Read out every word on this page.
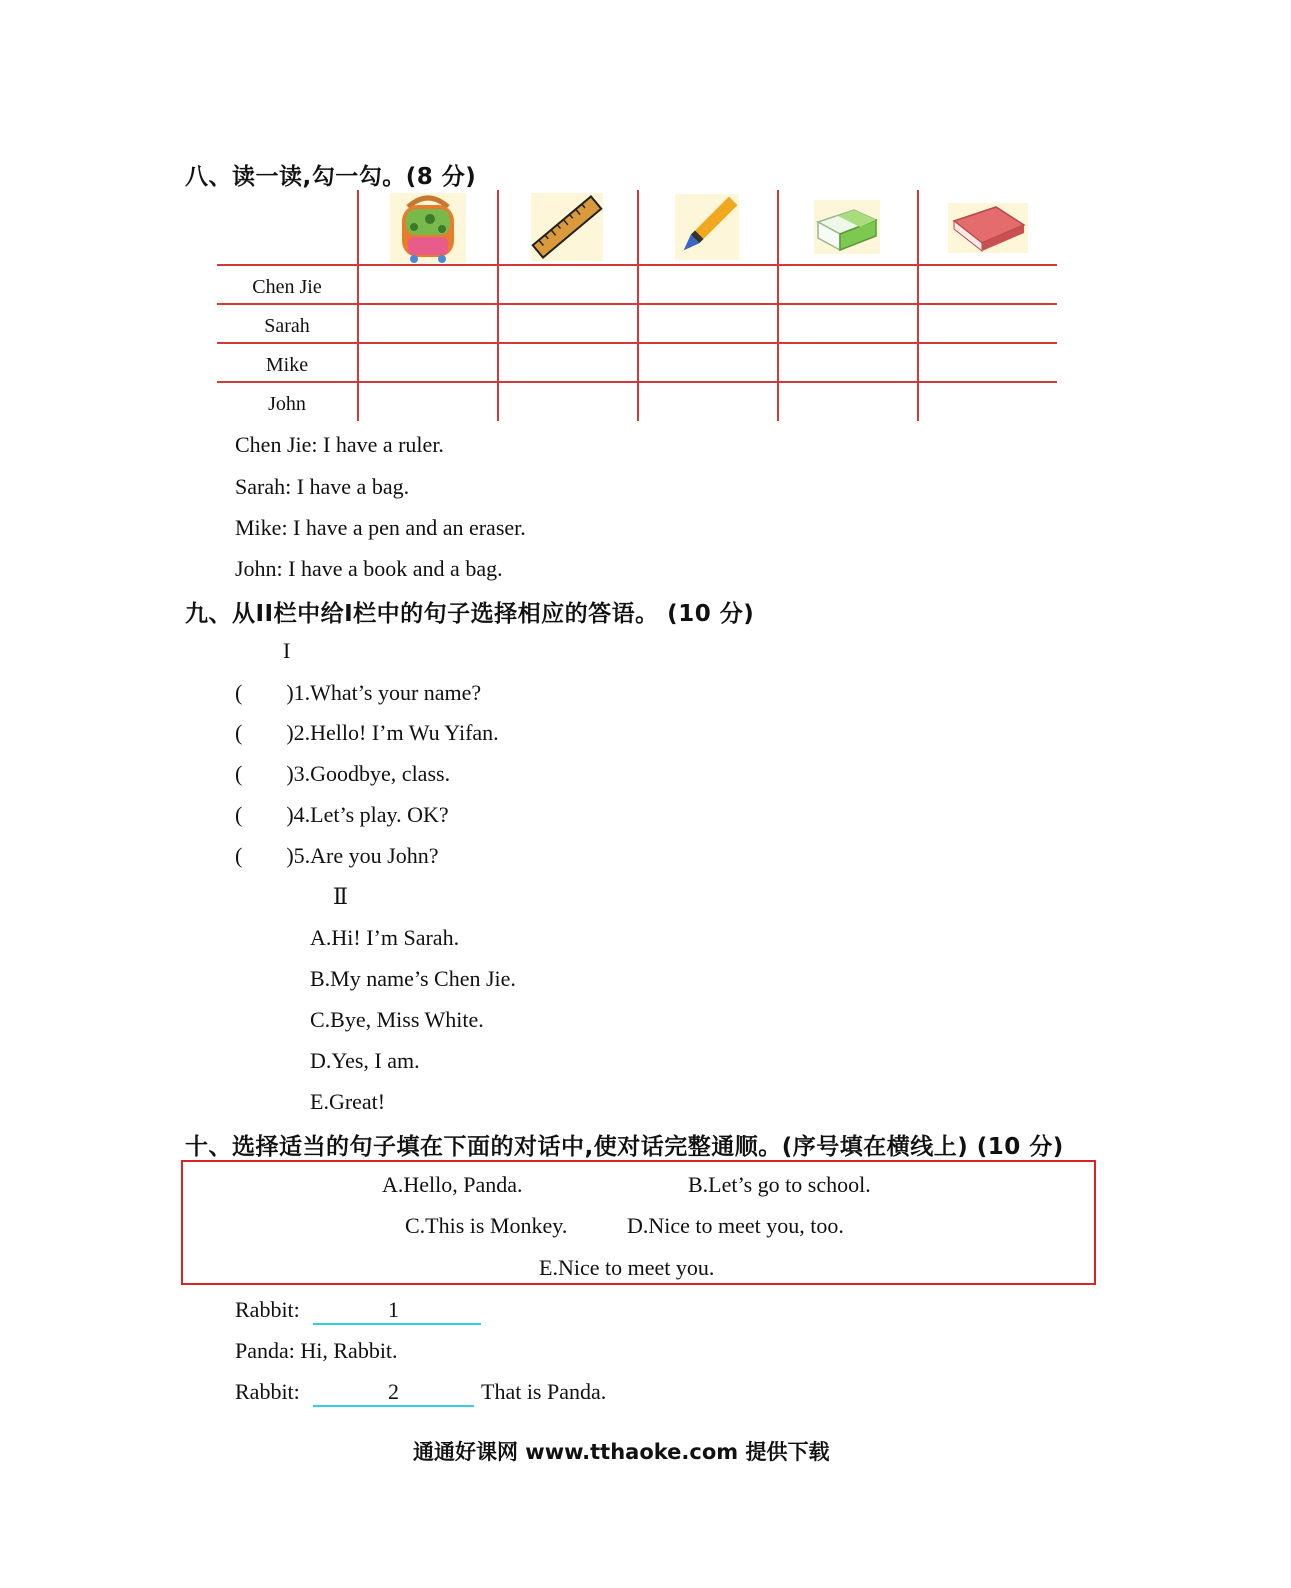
八、读一读,勾一勾。(8 分)
Chen Jie
Sarah
Mike
John
Chen Jie: I have a ruler.
Sarah: I have a bag.
Mike: I have a pen and an eraser.
John: I have a book and a bag.
九、从II栏中给I栏中的句子选择相应的答语。 (10 分)
I
(        )1.What’s your name?
(        )2.Hello! I’m Wu Yifan.
(        )3.Goodbye, class.
(        )4.Let’s play. OK?
(        )5.Are you John?
Ⅱ
A.Hi! I’m Sarah.
B.My name’s Chen Jie.
C.Bye, Miss White.
D.Yes, I am.
E.Great!
十、选择适当的句子填在下面的对话中,使对话完整通顺。(序号填在横线上) (10 分)
A.Hello, Panda.	B.Let’s go to school.
C.This is Monkey.	D.Nice to meet you, too.
E.Nice to meet you.
Rabbit:	1
Panda: Hi, Rabbit.
Rabbit:	2	That is Panda.
通通好课网 www.tthaoke.com 提供下载
